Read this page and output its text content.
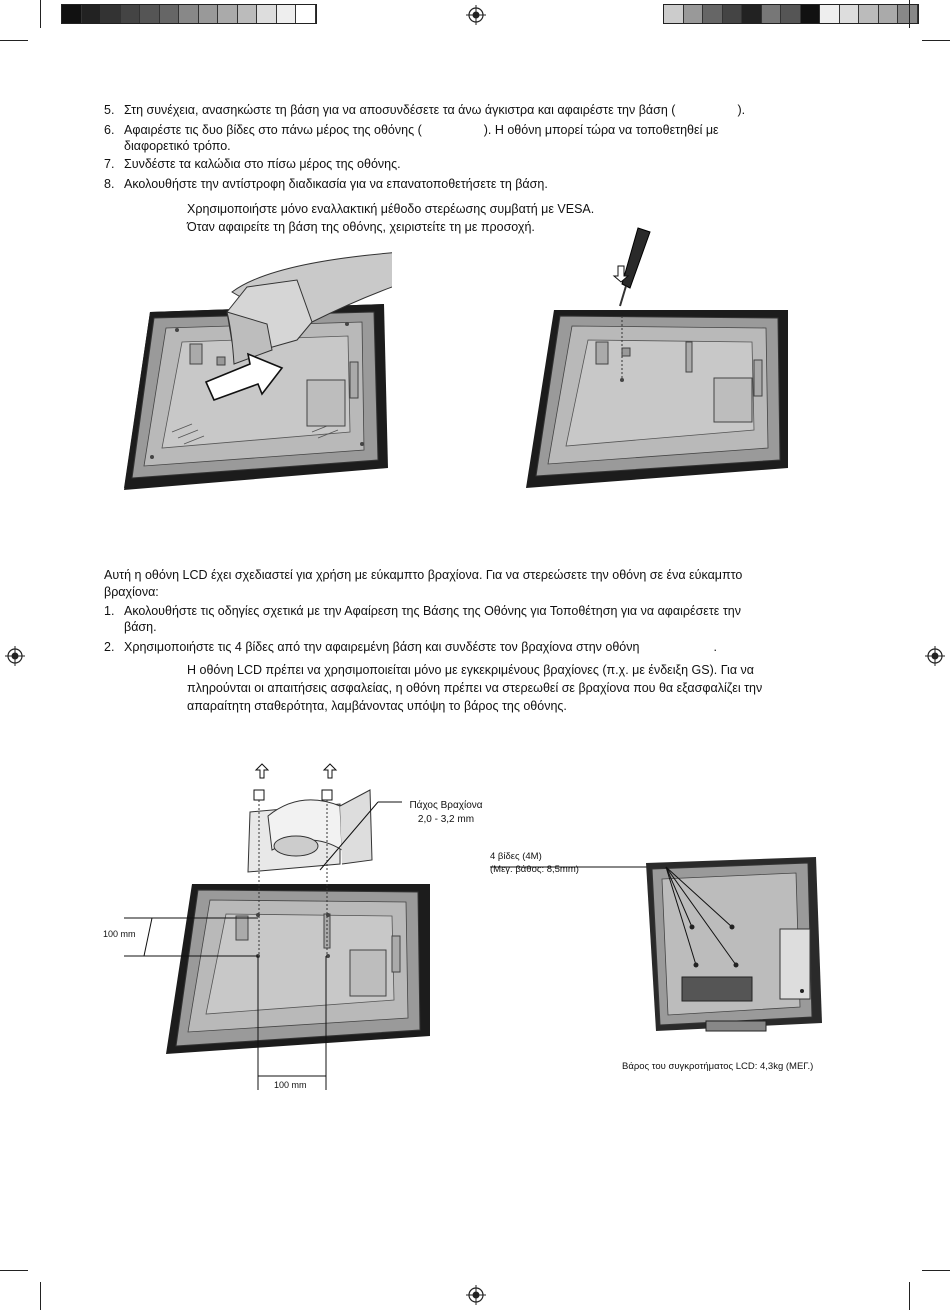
5. Στη συνέχεια, ανασηκώστε τη βάση για να αποσυνδέσετε τα άνω άγκιστρα και αφαιρέστε την βάση (	).
6. Αφαιρέστε τις δυο βίδες στο πάνω μέρος της οθόνης (	). Η οθόνη μπορεί τώρα να τοποθετηθεί με
διαφορετικό τρόπο.
7. Συνδέστε τα καλώδια στο πίσω μέρος της οθόνης.
8. Ακολουθήστε την αντίστροφη διαδικασία για να επανατοποθετήσετε τη βάση.
Χρησιμοποιήστε μόνο εναλλακτική μέθοδο στερέωσης συμβατή με VESA.
Όταν αφαιρείτε τη βάση της οθόνης, χειριστείτε τη με προσοχή.
Αυτή η οθόνη LCD έχει σχεδιαστεί για χρήση με εύκαμπτο βραχίονα. Για να στερεώσετε την οθόνη σε ένα εύκαμπτο
βραχίονα:
1. Ακολουθήστε τις οδηγίες σχετικά με την Αφαίρεση της Βάσης της Οθόνης για Τοποθέτηση για να αφαιρέσετε την
βάση.
2. Χρησιμοποιήστε τις 4 βίδες από την αφαιρεμένη βάση και συνδέστε τον βραχίονα στην οθόνη	.
Η οθόνη LCD πρέπει να χρησιμοποιείται μόνο με εγκεκριμένους βραχίονες (π.χ. με ένδειξη GS). Για να
πληρούνται οι απαιτήσεις ασφαλείας, η οθόνη πρέπει να στερεωθεί σε βραχίονα που θα εξασφαλίζει την
απαραίτητη σταθερότητα, λαμβάνοντας υπόψη το βάρος της οθόνης.
Πάχος Βραχίονα
2,0 - 3,2 mm
100 mm
100 mm
4 βίδες (4M)
(Μεγ. βάθος: 8,5mm)
Βάρος του συγκροτήματος LCD: 4,3kg (ΜΕΓ.)
